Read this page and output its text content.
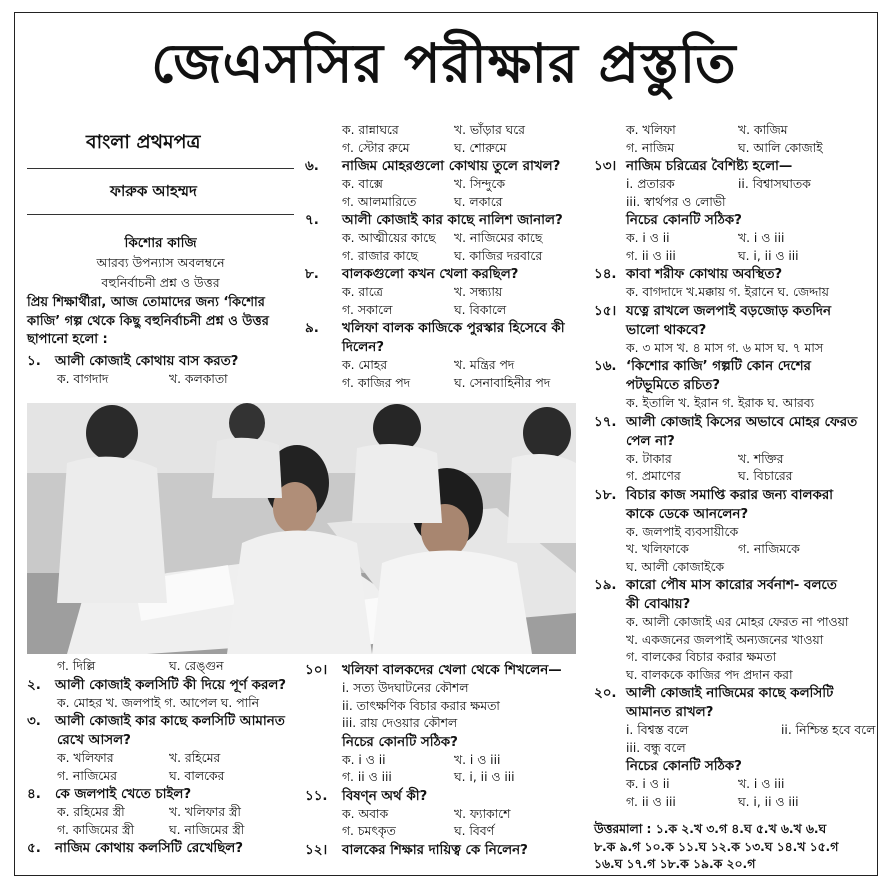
জেএসসির পরীক্ষার প্রস্তুতি
বাংলা প্রথমপত্র
ফারুক আহম্মদ
কিশোর কাজি
আরব্য উপন্যাস অবলম্বনে
বহুনির্বাচনী প্রশ্ন ও উত্তর
প্রিয় শিক্ষার্থীরা, আজ তোমাদের জন্য ‘কিশোর
কাজি’ গল্প থেকে কিছু বহুনির্বাচনী প্রশ্ন ও উত্তর
ছাপানো হলো :
১. আলী কোজাই কোথায় বাস করত?
ক. বাগদাদ	খ. কলকাতা
ক. রান্নাঘরে	খ. ভাঁড়ার ঘরে
গ. স্টোর রুমে	ঘ. শোরুমে
৬. নাজিম মোহরগুলো কোথায় তুলে রাখল?
ক. বাক্সে	খ. সিন্দুকে
গ. আলমারিতে	ঘ. লকারে
৭. আলী কোজাই কার কাছে নালিশ জানাল?
ক. আত্মীয়ের কাছে	খ. নাজিমের কাছে
গ. রাজার কাছে	ঘ. কাজির দরবারে
৮. বালকগুলো কখন খেলা করছিল?
ক. রাত্রে	খ. সন্ধ্যায়
গ. সকালে	ঘ. বিকালে
৯. খলিফা বালক কাজিকে পুরস্কার হিসেবে কী
দিলেন?
ক. মোহর	খ. মন্ত্রির পদ
গ. কাজির পদ	ঘ. সেনাবাহিনীর পদ
গ. দিল্লি	ঘ. রেঙ্গুন
২. আলী কোজাই কলসিটি কী দিয়ে পূর্ণ করল?
ক. মোহর খ. জলপাই গ. আপেল ঘ. পানি
৩. আলী কোজাই কার কাছে কলসিটি আমানত
রেখে আসল?
ক. খলিফার	খ. রহিমের
গ. নাজিমের	ঘ. বালকের
৪. কে জলপাই খেতে চাইল?
ক. রহিমের স্ত্রী	খ. খলিফার স্ত্রী
গ. কাজিমের স্ত্রী	ঘ. নাজিমের স্ত্রী
৫. নাজিম কোথায় কলসিটি রেখেছিল?
১০। খলিফা বালকদের খেলা থেকে শিখলেন—
i. সত্য উদঘাটনের কৌশল
ii. তাৎক্ষণিক বিচার করার ক্ষমতা
iii. রায় দেওয়ার কৌশল
নিচের কোনটি সঠিক?
ক. i ও ii	খ. i ও iii
গ. ii ও iii	ঘ. i, ii ও iii
১১. বিষণ্ন অর্থ কী?
ক. অবাক	খ. ফ্যাকাশে
গ. চমৎকৃত	ঘ. বিবর্ণ
১২। বালকের শিক্ষার দায়িত্ব কে নিলেন?
ক. খলিফা	খ. কাজিম
গ. নাজিম	ঘ. আলি কোজাই
১৩। নাজিম চরিত্রের বৈশিষ্ট্য হলো—
i. প্রতারক	ii. বিশ্বাসঘাতক
iii. স্বার্থপর ও লোভী
নিচের কোনটি সঠিক?
ক. i ও ii	খ. i ও iii
গ. ii ও iii	ঘ. i, ii ও iii
১৪. কাবা শরীফ কোথায় অবস্থিত?
ক. বাগদাদে খ.মক্কায় গ. ইরানে ঘ. জেদ্দায়
১৫। যত্নে রাখলে জলপাই বড়জোড় কতদিন
ভালো থাকবে?
ক. ৩ মাস খ. ৪ মাস গ. ৬ মাস ঘ. ৭ মাস
১৬. ‘কিশোর কাজি’ গল্পটি কোন দেশের
পটভূমিতে রচিত?
ক. ইতালি খ. ইরান গ. ইরাক ঘ. আরব্য
১৭. আলী কোজাই কিসের অভাবে মোহর ফেরত
পেল না?
ক. টাকার	খ. শক্তির
গ. প্রমাণের	ঘ. বিচারের
১৮. বিচার কাজ সমাপ্তি করার জন্য বালকরা
কাকে ডেকে আনলেন?
ক. জলপাই ব্যবসায়ীকে
খ. খলিফাকে	গ. নাজিমকে
ঘ. আলী কোজাইকে
১৯. কারো পৌষ মাস কারোর সর্বনাশ- বলতে
কী বোঝায়?
ক. আলী কোজাই এর মোহর ফেরত না পাওয়া
খ. একজনের জলপাই অন্যজনের খাওয়া
গ. বালকের বিচার করার ক্ষমতা
ঘ. বালককে কাজির পদ প্রদান করা
২০. আলী কোজাই নাজিমের কাছে কলসিটি
আমানত রাখল?
i. বিশ্বস্ত বলে	ii. নিশ্চিন্ত হবে বলে
iii. বন্ধু বলে
নিচের কোনটি সঠিক?
ক. i ও ii	খ. i ও iii
গ. ii ও iii	ঘ. i, ii ও iii
উত্তরমালা : ১.ক ২.খ ৩.গ ৪.ঘ ৫.খ ৬.খ ৬.ঘ
৮.ক ৯.গ ১০.ক ১১.ঘ ১২.ক ১৩.ঘ ১৪.খ ১৫.গ
১৬.ঘ ১৭.গ ১৮.ক ১৯.ক ২০.গ
